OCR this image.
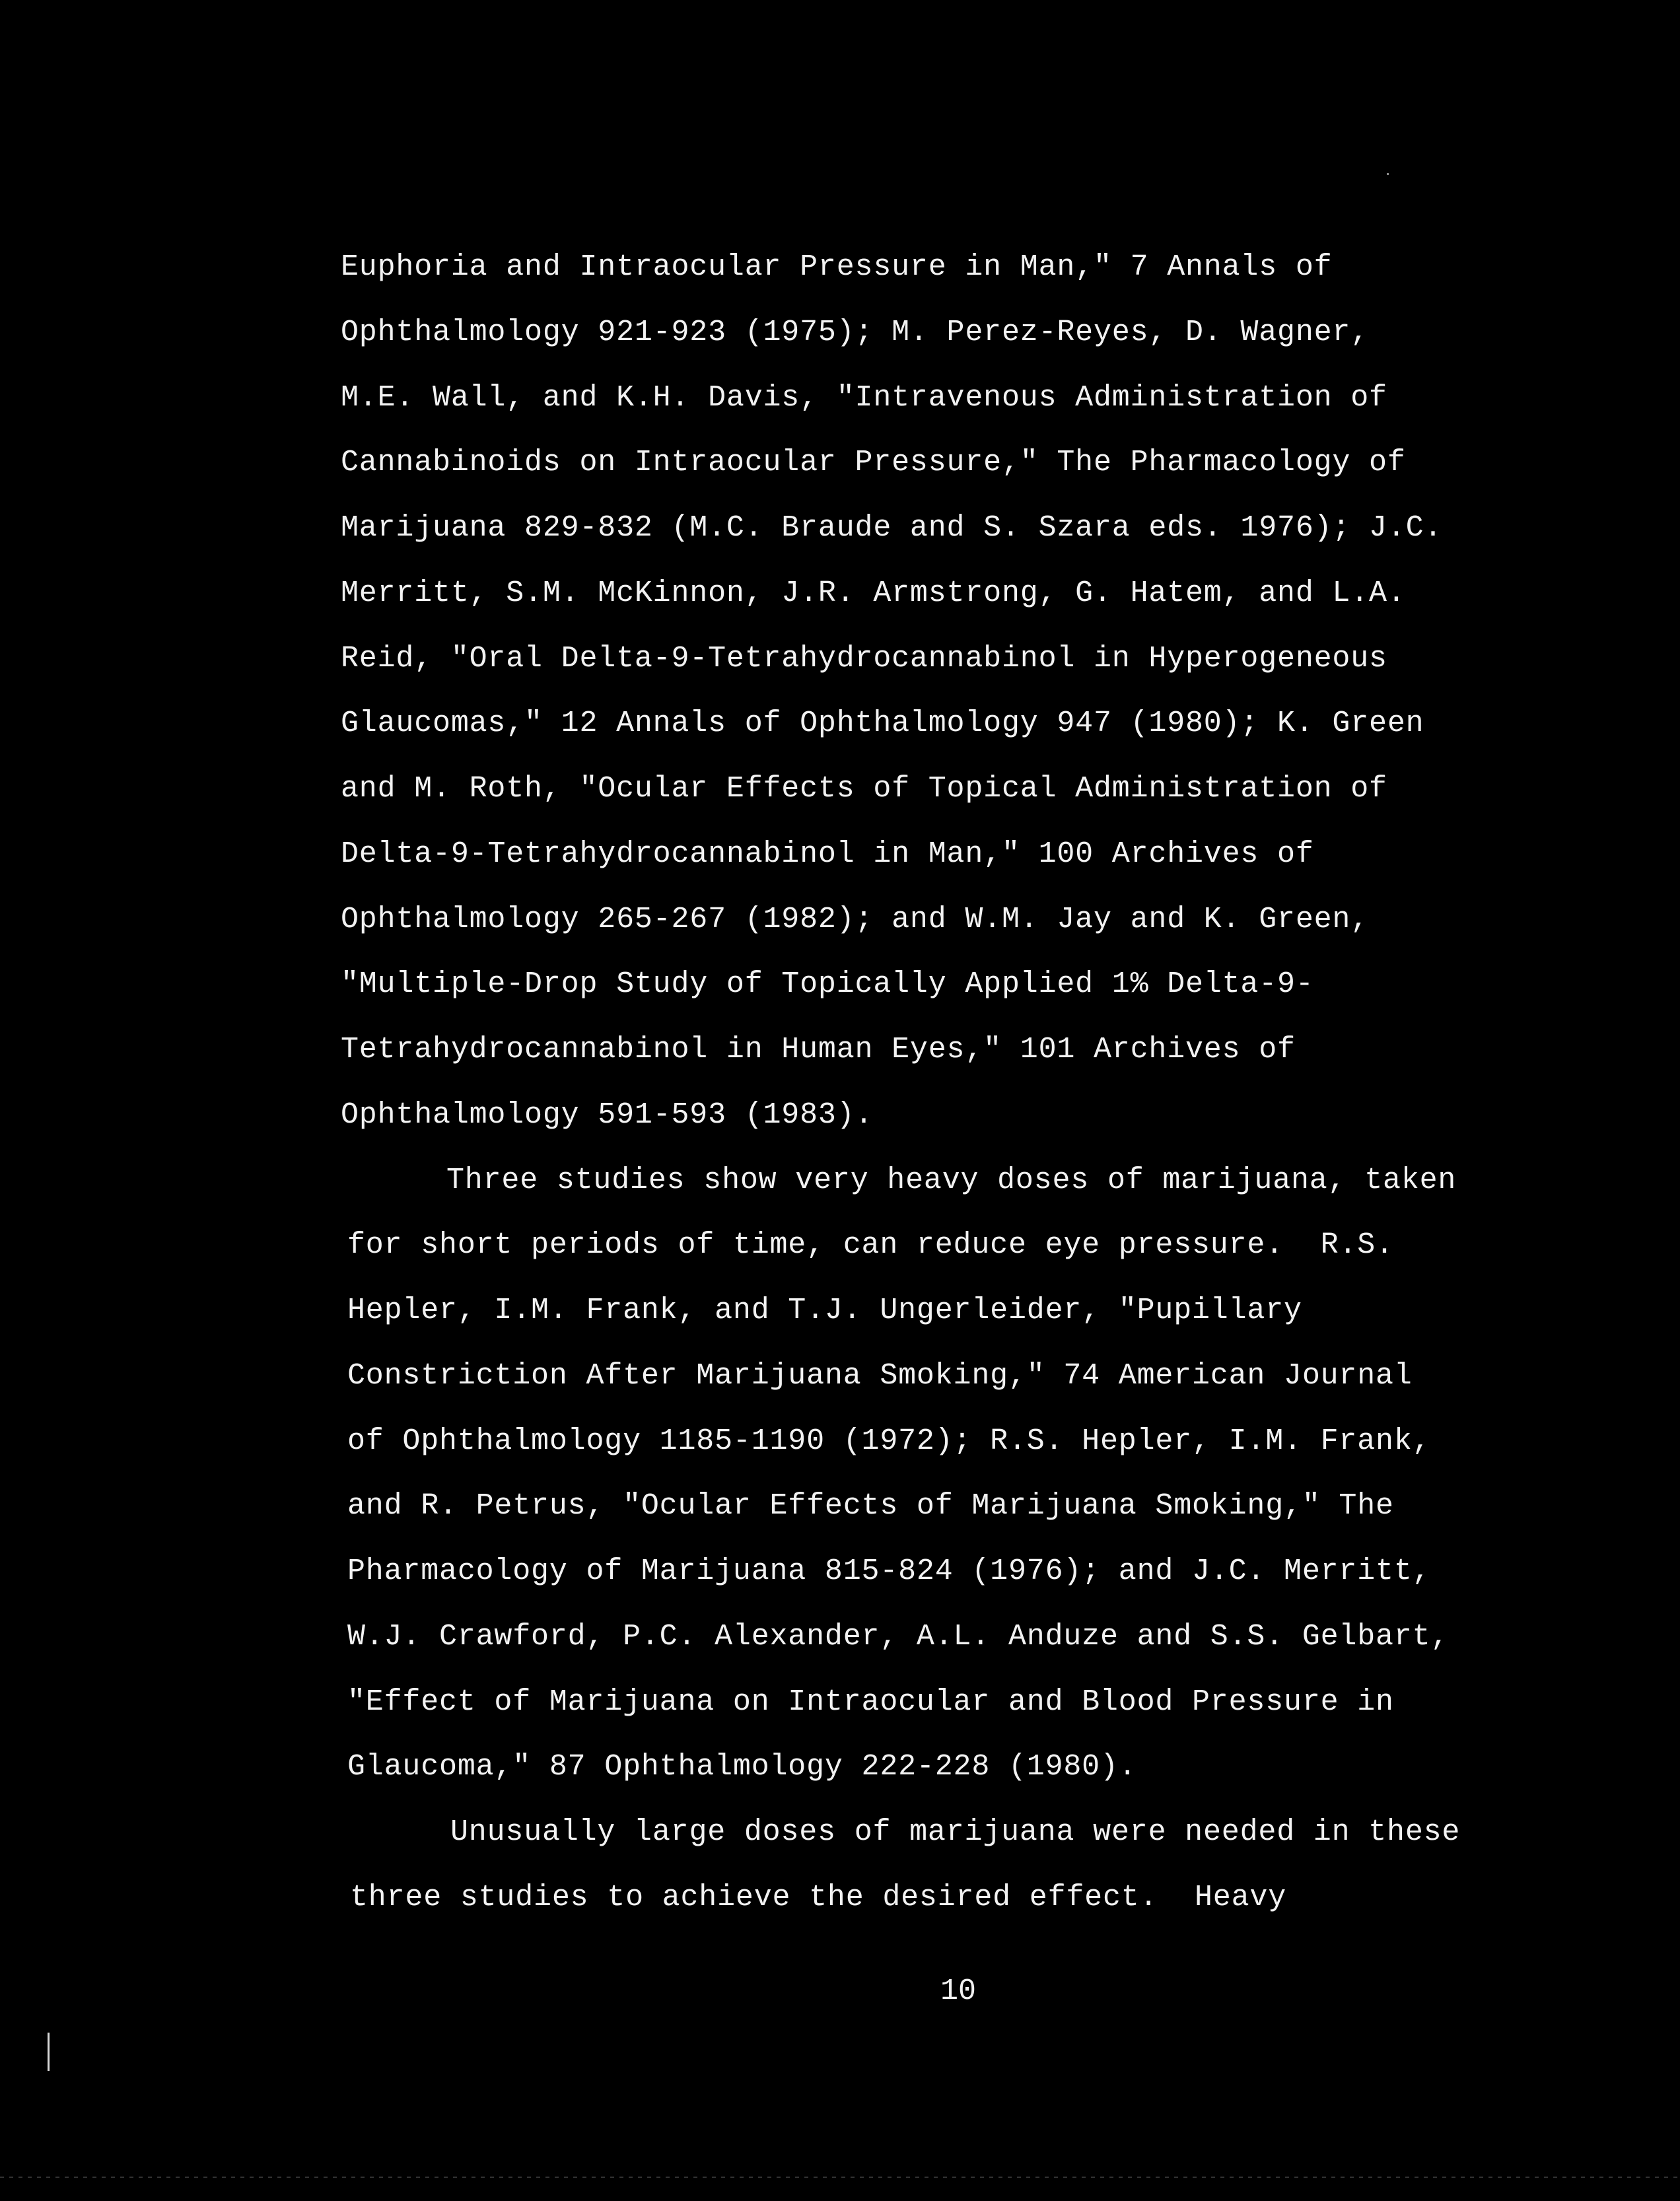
Euphoria and Intraocular Pressure in Man," 7 Annals of
Ophthalmology 921-923 (1975); M. Perez-Reyes, D. Wagner,
M.E. Wall, and K.H. Davis, "Intravenous Administration of
Cannabinoids on Intraocular Pressure," The Pharmacology of
Marijuana 829-832 (M.C. Braude and S. Szara eds. 1976); J.C.
Merritt, S.M. McKinnon, J.R. Armstrong, G. Hatem, and L.A.
Reid, "Oral Delta-9-Tetrahydrocannabinol in Hyperogeneous
Glaucomas," 12 Annals of Ophthalmology 947 (1980); K. Green
and M. Roth, "Ocular Effects of Topical Administration of
Delta-9-Tetrahydrocannabinol in Man," 100 Archives of
Ophthalmology 265-267 (1982); and W.M. Jay and K. Green,
"Multiple-Drop Study of Topically Applied 1% Delta-9-
Tetrahydrocannabinol in Human Eyes," 101 Archives of
Ophthalmology 591-593 (1983).
Three studies show very heavy doses of marijuana, taken
for short periods of time, can reduce eye pressure.  R.S.
Hepler, I.M. Frank, and T.J. Ungerleider, "Pupillary
Constriction After Marijuana Smoking," 74 American Journal
of Ophthalmology 1185-1190 (1972); R.S. Hepler, I.M. Frank,
and R. Petrus, "Ocular Effects of Marijuana Smoking," The
Pharmacology of Marijuana 815-824 (1976); and J.C. Merritt,
W.J. Crawford, P.C. Alexander, A.L. Anduze and S.S. Gelbart,
"Effect of Marijuana on Intraocular and Blood Pressure in
Glaucoma," 87 Ophthalmology 222-228 (1980).
Unusually large doses of marijuana were needed in these
three studies to achieve the desired effect.  Heavy
10
